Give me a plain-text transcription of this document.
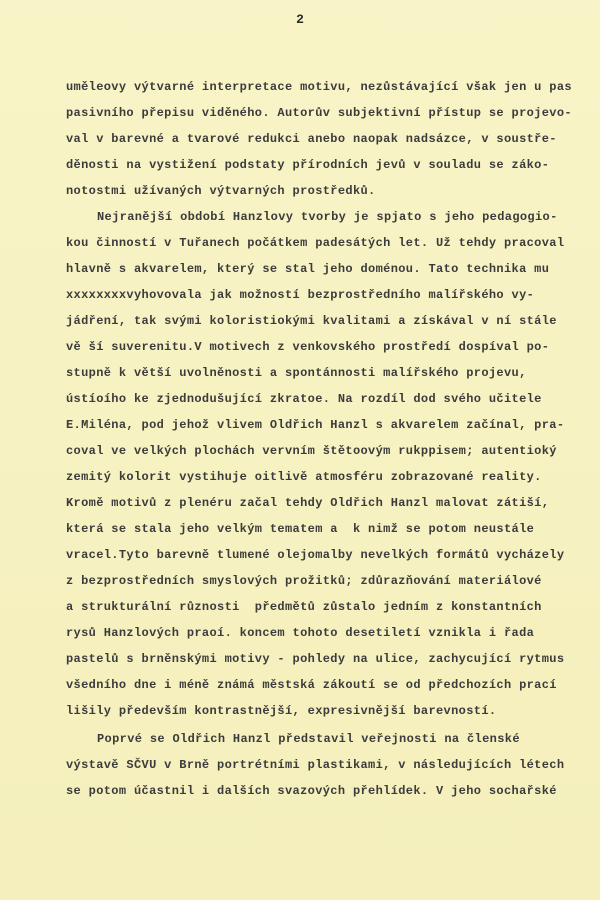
2
uměleovy výtvarné interpretace motivu, nezůstávající však jen u pas
pasivního přepisu viděného. Autorův subjektivní přístup se projevo-
val v barevné a tvarové redukci anebo naopak nadsázce, v soustře-
děnosti na vystižení podstaty přírodních jevů v souladu se záko-
notostmi užívaných výtvarných prostředků.
Nejranější období Hanzlovy tvorby je spjato s jeho pedagogio-
kou činností v Tuřanech počátkem padesátých let. Už tehdy pracoval
hlavně s akvarelem, který se stal jeho doménou. Tato technika mu
xxxxxxxxvyhovovala jak možností bezprostředního malířského vy-
jádření, tak svými koloristiokými kvalitami a získával v ní stále
vě ší suverenitu.V motivech z venkovského prostředí dospíval po-
stupně k větší uvolněnosti a spontánnosti malířského projevu,
ústíoího ke zjednodušující zkratoe. Na rozdíl dod svého učitele
E.Miléna, pod jehož vlivem Oldřich Hanzl s akvarelem začínal, pra-
coval ve velkých plochách vervním štětoovým rukppisem; autentioký
zemitý kolorit vystihuje oitlivě atmosféru zobrazované reality.
Kromě motivů z plenéru začal tehdy Oldřich Hanzl malovat zátiší,
která se stala jeho velkým tematem a  k nimž se potom neustále
vracel.Tyto barevně tlumené olejomalby nevelkých formátů vycházely
z bezprostředních smyslových prožitků; zdůrazňování materiálové
a strukturální různosti  předmětů zůstalo jedním z konstantních
rysů Hanzlových praoí. koncem tohoto desetiletí vznikla i řada
pastelů s brněnskými motivy - pohledy na ulice, zachycující rytmus
všedního dne i méně známá městská zákoutí se od předchozích prací
lišily především kontrastnější, expresivnější barevností.
Poprvé se Oldřich Hanzl představil veřejnosti na členské
výstavě SČVU v Brně portrétními plastikami, v následujících létech
se potom účastnil i dalších svazových přehlídek. V jeho sochařské
